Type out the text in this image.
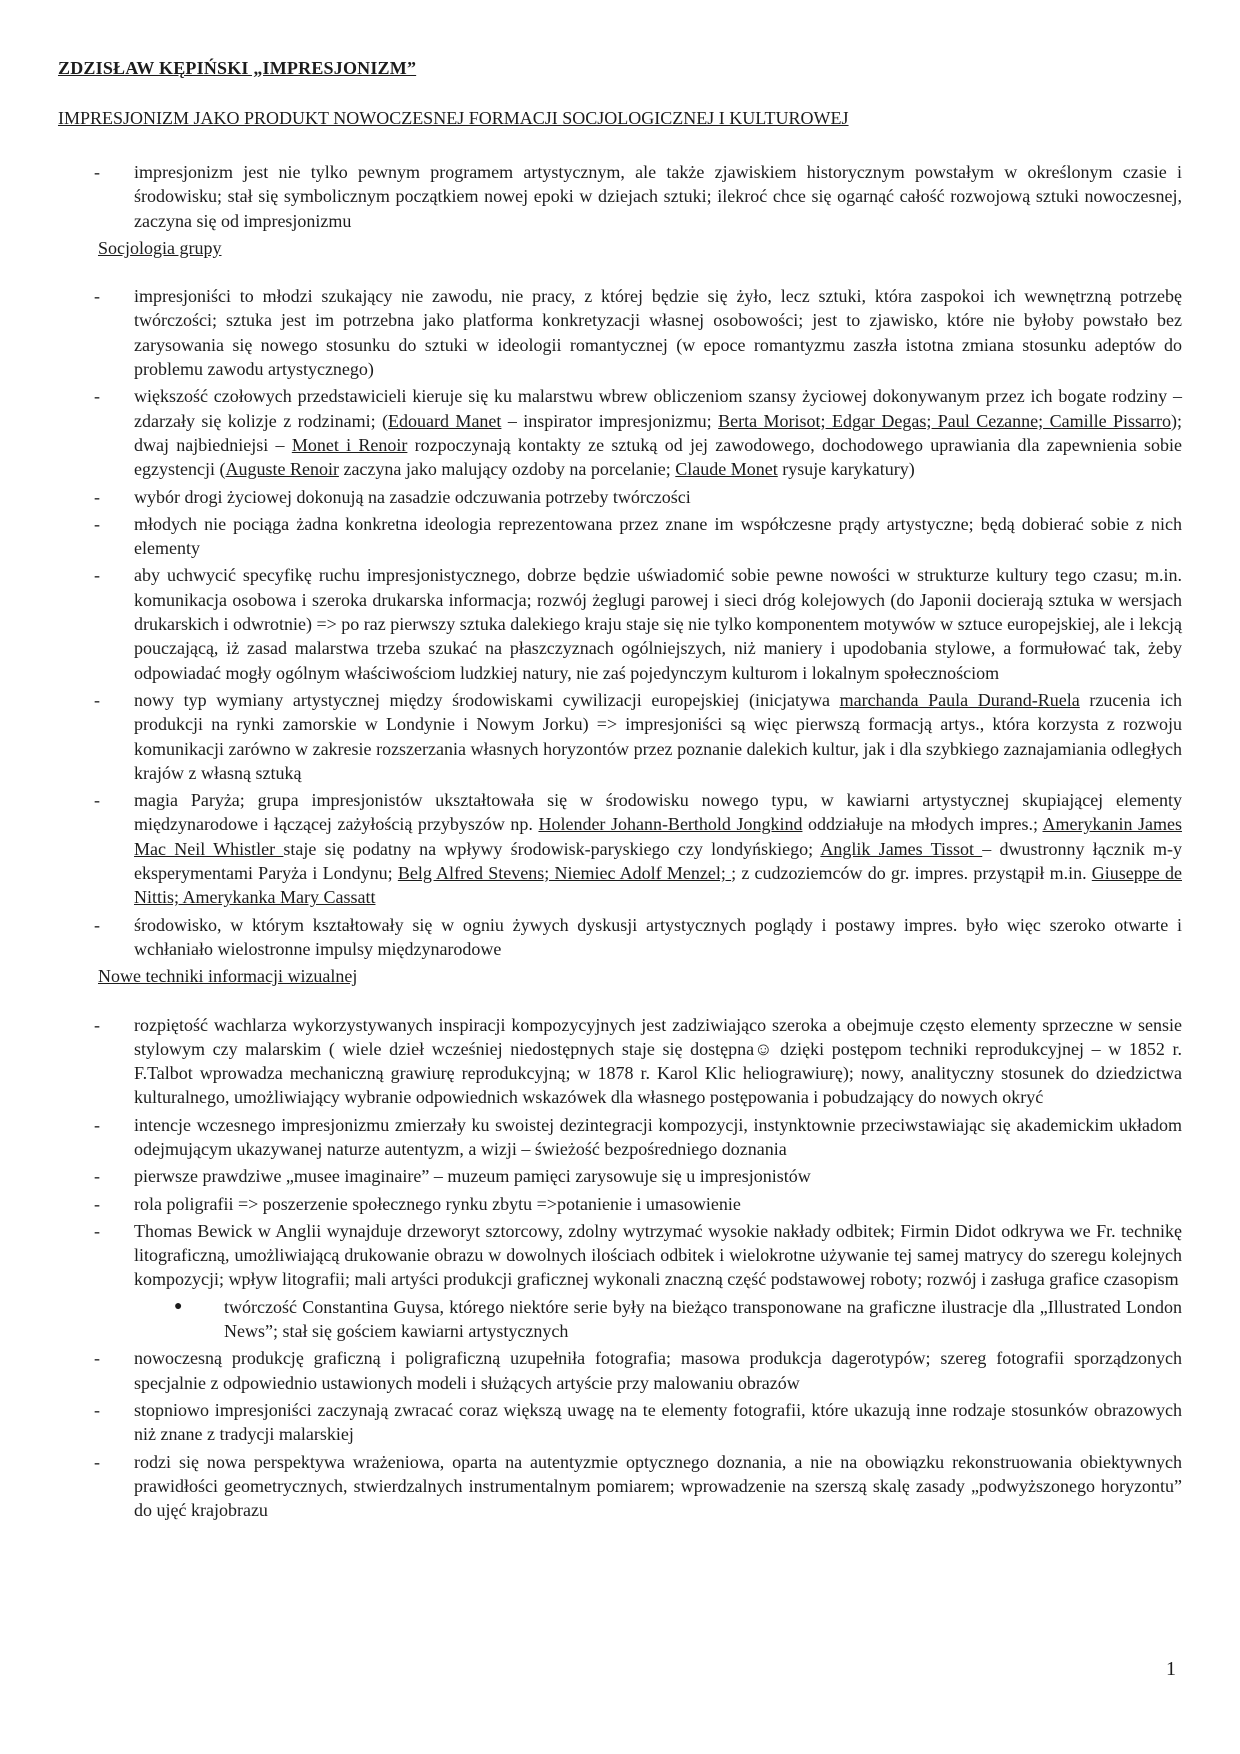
ZDZISŁAW KĘPIŃSKI „IMPRESJONIZM”
IMPRESJONIZM JAKO PRODUKT NOWOCZESNEJ FORMACJI SOCJOLOGICZNEJ I KULTUROWEJ
- impresjonizm jest nie tylko pewnym programem artystycznym, ale także zjawiskiem historycznym powstałym w określonym czasie i środowisku; stał się symbolicznym początkiem nowej epoki w dziejach sztuki; ilekroć chce się ogarnąć całość rozwojową sztuki nowoczesnej, zaczyna się od impresjonizmu
Socjologia grupy
- impresjoniści to młodzi szukający nie zawodu, nie pracy, z której będzie się żyło, lecz sztuki, która zaspokoi ich wewnętrzną potrzebę twórczości; sztuka jest im potrzebna jako platforma konkretyzacji własnej osobowości; jest to zjawisko, które nie byłoby powstało bez zarysowania się nowego stosunku do sztuki w ideologii romantycznej (w epoce romantyzmu zaszła istotna zmiana stosunku adeptów do problemu zawodu artystycznego)
- większość czołowych przedstawicieli kieruje się ku malarstwu wbrew obliczeniom szansy życiowej dokonywanym przez ich bogate rodziny – zdarzały się kolizje z rodzinami; (Edouard Manet – inspirator impresjonizmu; Berta Morisot; Edgar Degas; Paul Cezanne; Camille Pissarro); dwaj najbiedniejsi – Monet i Renoir rozpoczynają kontakty ze sztuką od jej zawodowego, dochodowego uprawiania dla zapewnienia sobie egzystencji (Auguste Renoir zaczyna jako malujący ozdoby na porcelanie; Claude Monet rysuje karykatury)
- wybór drogi życiowej dokonują na zasadzie odczuwania potrzeby twórczości
- młodych nie pociąga żadna konkretna ideologia reprezentowana przez znane im współczesne prądy artystyczne; będą dobierać sobie z nich elementy
- aby uchwycić specyfikę ruchu impresjonistycznego, dobrze będzie uświadomić sobie pewne nowości w strukturze kultury tego czasu; m.in. komunikacja osobowa i szeroka drukarska informacja; rozwój żeglugi parowej i sieci dróg kolejowych (do Japonii docierają sztuka w wersjach drukarskich i odwrotnie) => po raz pierwszy sztuka dalekiego kraju staje się nie tylko komponentem motywów w sztuce europejskiej, ale i lekcją pouczającą, iż zasad malarstwa trzeba szukać na płaszczyznach ogólniejszych, niż maniery i upodobania stylowe, a formułować tak, żeby odpowiadać mogły ogólnym właściwościom ludzkiej natury, nie zaś pojedynczym kulturom i lokalnym społecznościom
- nowy typ wymiany artystycznej między środowiskami cywilizacji europejskiej (inicjatywa marchanda Paula Durand-Ruela rzucenia ich produkcji na rynki zamorskie w Londynie i Nowym Jorku) => impresjoniści są więc pierwszą formacją artys., która korzysta z rozwoju komunikacji zarówno w zakresie rozszerzania własnych horyzontów przez poznanie dalekich kultur, jak i dla szybkiego zaznajamiania odległych krajów z własną sztuką
- magia Paryża; grupa impresjonistów ukształtowała się w środowisku nowego typu, w kawiarni artystycznej skupiającej elementy międzynarodowe i łączącej zażyłością przybyszów np. Holender Johann-Berthold Jongkind oddziałuje na młodych impres.; Amerykanin James Mac Neil Whistler staje się podatny na wpływy środowisk-paryskiego czy londyńskiego; Anglik James Tissot – dwustronny łącznik m-y eksperymentami Paryża i Londynu; Belg Alfred Stevens; Niemiec Adolf Menzel; ; z cudzoziemców do gr. impres. przystąpił m.in. Giuseppe de Nittis; Amerykanka Mary Cassatt
- środowisko, w którym kształtowały się w ogniu żywych dyskusji artystycznych poglądy i postawy impres. było więc szeroko otwarte i wchłaniało wielostronne impulsy międzynarodowe
Nowe techniki informacji wizualnej
- rozpiętość wachlarza wykorzystywanych inspiracji kompozycyjnych jest zadziwiająco szeroka a obejmuje często elementy sprzeczne w sensie stylowym czy malarskim ( wiele dzieł wcześniej niedostępnych staje się dostępna☺ dzięki postępom techniki reprodukcyjnej – w 1852 r. F.Talbot wprowadza mechaniczną grawiurę reprodukcyjną; w 1878 r. Karol Klic heliograwiurę); nowy, analityczny stosunek do dziedzictwa kulturalnego, umożliwiający wybranie odpowiednich wskazówek dla własnego postępowania i pobudzający do nowych okryć
- intencje wczesnego impresjonizmu zmierzały ku swoistej dezintegracji kompozycji, instynktownie przeciwstawiając się akademickim układom odejmującym ukazywanej naturze autentyzm, a wizji – świeżość bezpośredniego doznania
- pierwsze prawdziwe „musee imaginaire” – muzeum pamięci zarysowuje się u impresjonistów
- rola poligrafii => poszerzenie społecznego rynku zbytu =>potanienie i umasowienie
- Thomas Bewick w Anglii wynajduje drzeworyt sztorcowy, zdolny wytrzymać wysokie nakłady odbitek; Firmin Didot odkrywa we Fr. technikę litograficzną, umożliwiającą drukowanie obrazu w dowolnych ilościach odbitek i wielokrotne używanie tej samej matrycy do szeregu kolejnych kompozycji; wpływ litografii; mali artyści produkcji graficznej wykonali znaczną część podstawowej roboty; rozwój i zasługa grafice czasopism
● twórczość Constantina Guysa, którego niektóre serie były na bieżąco transponowane na graficzne ilustracje dla „Illustrated London News”; stał się gościem kawiarni artystycznych
- nowoczesną produkcję graficzną i poligraficzną uzupełniła fotografia; masowa produkcja dagerotypów; szereg fotografii sporządzonych specjalnie z odpowiednio ustawionych modeli i służących artyście przy malowaniu obrazów
- stopniowo impresjoniści zaczynają zwracać coraz większą uwagę na te elementy fotografii, które ukazują inne rodzaje stosunków obrazowych niż znane z tradycji malarskiej
- rodzi się nowa perspektywa wrażeniowa, oparta na autentyzmie optycznego doznania, a nie na obowiązku rekonstruowania obiektywnych prawidłości geometrycznych, stwierdzalnych instrumentalnym pomiarem; wprowadzenie na szerszą skalę zasady „podwyższonego horyzontu” do ujęć krajobrazu
1
